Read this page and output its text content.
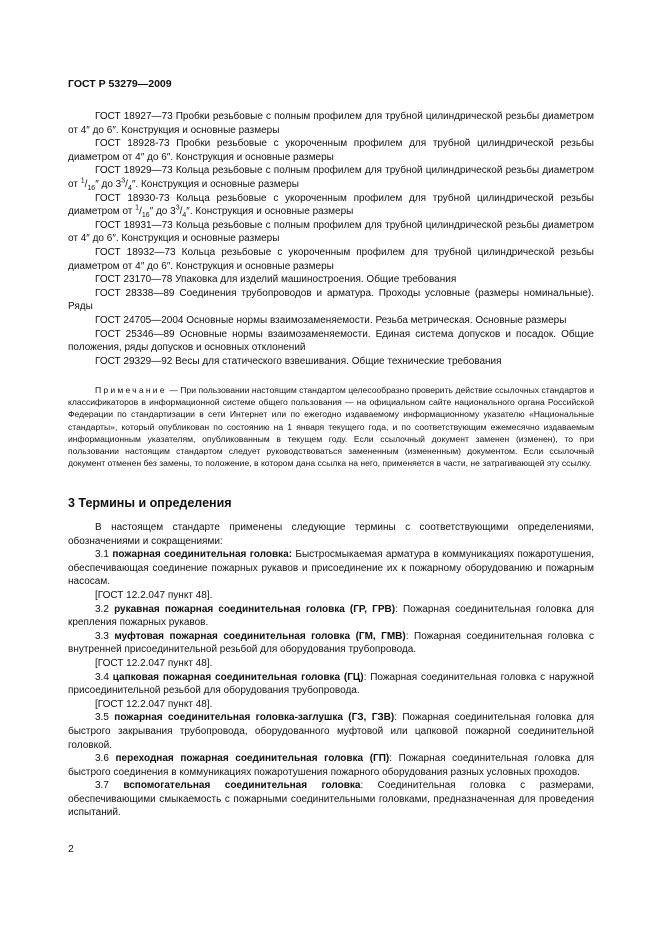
ГОСТ Р 53279—2009

ГОСТ 18927—73 Пробки резьбовые с полным профилем для трубной цилиндрической резьбы диаметром от 4″ до 6″. Конструкция и основные размеры

ГОСТ 18928-73 Пробки резьбовые с укороченным профилем для трубной цилиндрической резьбы диаметром от 4″ до 6″. Конструкция и основные размеры

ГОСТ 18929—73 Кольца резьбовые с полным профилем для трубной цилиндрической резьбы диаметром от $^1/_{16}''$ до $3^3/_4''$. Конструкция и основные размеры

ГОСТ 18930-73 Кольца резьбовые с укороченным профилем для трубной цилиндрической резьбы диаметром от $^1/_{16}''$ до $3^3/_4''$. Конструкция и основные размеры

ГОСТ 18931—73 Кольца резьбовые с полным профилем для трубной цилиндрической резьбы диаметром от 4″ до 6″. Конструкция и основные размеры

ГОСТ 18932—73 Кольца резьбовые с укороченным профилем для трубной цилиндрической резьбы диаметром от 4″ до 6″. Конструкция и основные размеры

ГОСТ 23170—78 Упаковка для изделий машиностроения. Общие требования

ГОСТ 28338—89 Соединения трубопроводов и арматура. Проходы условные (размеры номинальные). Ряды

ГОСТ 24705—2004 Основные нормы взаимозаменяемости. Резьба метрическая. Основные размеры

ГОСТ 25346—89 Основные нормы взаимозаменяемости. Единая система допусков и посадок. Общие положения, ряды допусков и основных отклонений

ГОСТ 29329—92 Весы для статического взвешивания. Общие технические требования

Примечание — При пользовании настоящим стандартом целесообразно проверить действие ссылочных стандартов и классификаторов в информационной системе общего пользования — на официальном сайте национального органа Российской Федерации по стандартизации в сети Интернет или по ежегодно издаваемому информационному указателю «Национальные стандарты», который опубликован по состоянию на 1 января текущего года, и по соответствующим ежемесячно издаваемым информационным указателям, опубликованным в текущем году. Если ссылочный документ заменен (изменен), то при пользовании настоящим стандартом следует руководствоваться замененным (измененным) документом. Если ссылочный документ отменен без замены, то положение, в котором дана ссылка на него, применяется в части, не затрагивающей эту ссылку.
3 Термины и определения

В настоящем стандарте применены следующие термины с соответствующими определениями, обозначениями и сокращениями:

3.1 пожарная соединительная головка: Быстросмыкаемая арматура в коммуникациях пожаротушения, обеспечивающая соединение пожарных рукавов и присоединение их к пожарному оборудованию и пожарным насосам.

[ГОСТ 12.2.047 пункт 48].

3.2 рукавная пожарная соединительная головка (ГР, ГРВ): Пожарная соединительная головка для крепления пожарных рукавов.

3.3 муфтовая пожарная соединительная головка (ГМ, ГМВ): Пожарная соединительная головка с внутренней присоединительной резьбой для оборудования трубопровода.

[ГОСТ 12.2.047 пункт 48].

3.4 цапковая пожарная соединительная головка (ГЦ): Пожарная соединительная головка с наружной присоединительной резьбой для оборудования трубопровода.

[ГОСТ 12.2.047 пункт 48].

3.5 пожарная соединительная головка-заглушка (ГЗ, ГЗВ): Пожарная соединительная головка для быстрого закрывания трубопровода, оборудованного муфтовой или цапковой пожарной соединительной головкой.

3.6 переходная пожарная соединительная головка (ГП): Пожарная соединительная головка для быстрого соединения в коммуникациях пожаротушения пожарного оборудования разных условных проходов.

3.7 вспомогательная соединительная головка: Соединительная головка с размерами, обеспечивающими смыкаемость с пожарными соединительными головками, предназначенная для проведения испытаний.

2
